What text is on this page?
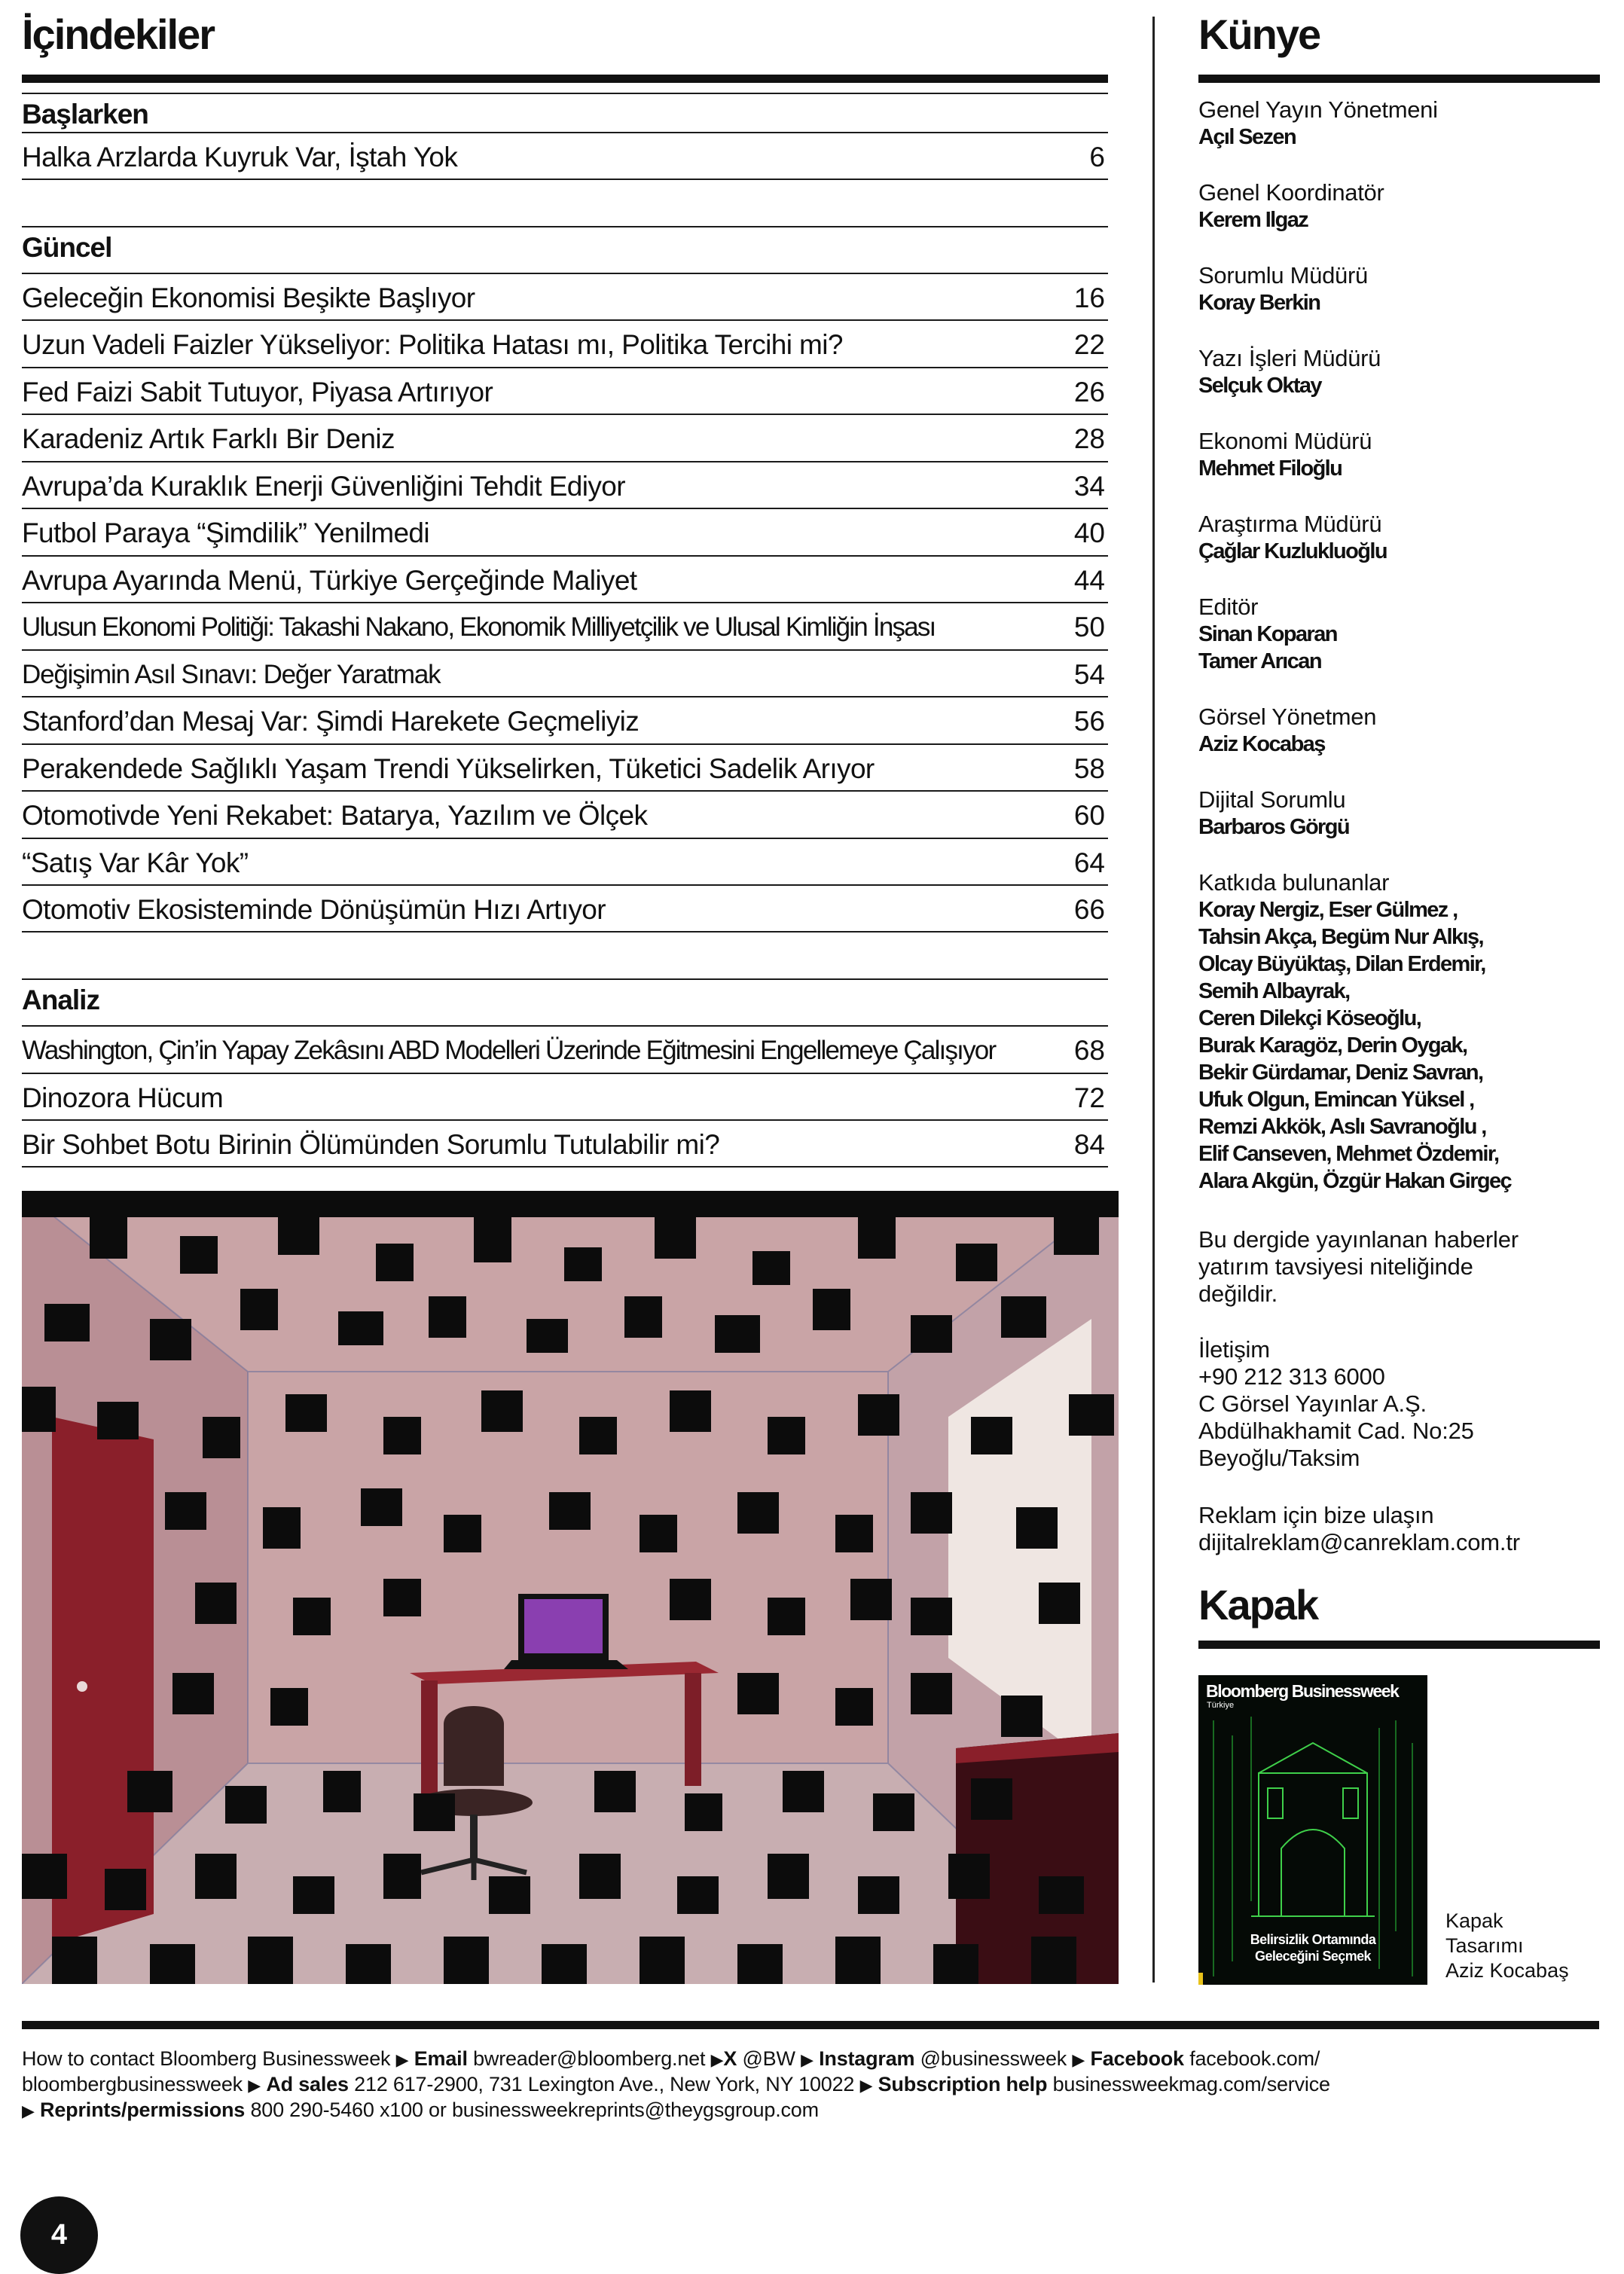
İçindekiler
Başlarken
Halka Arzlarda Kuyruk Var, İştah Yok	6
Güncel
Geleceğin Ekonomisi Beşikte Başlıyor	16
Uzun Vadeli Faizler Yükseliyor: Politika Hatası mı, Politika Tercihi mi?	22
Fed Faizi Sabit Tutuyor, Piyasa Artırıyor	26
Karadeniz Artık Farklı Bir Deniz	28
Avrupa’da Kuraklık Enerji Güvenliğini Tehdit Ediyor	34
Futbol Paraya “Şimdilik” Yenilmedi	40
Avrupa Ayarında Menü, Türkiye Gerçeğinde Maliyet	44
Ulusun Ekonomi Politiği: Takashi Nakano, Ekonomik Milliyetçilik ve Ulusal Kimliğin İnşası	50
Değişimin Asıl Sınavı: Değer Yaratmak	54
Stanford’dan Mesaj Var: Şimdi Harekete Geçmeliyiz	56
Perakendede Sağlıklı Yaşam Trendi Yükselirken, Tüketici Sadelik Arıyor	58
Otomotivde Yeni Rekabet: Batarya, Yazılım ve Ölçek	60
“Satış Var Kâr Yok”	64
Otomotiv Ekosisteminde Dönüşümün Hızı Artıyor	66
Analiz
Washington, Çin’in Yapay Zekâsını ABD Modelleri Üzerinde Eğitmesini Engellemeye Çalışıyor	68
Dinozora Hücum	72
Bir Sohbet Botu Birinin Ölümünden Sorumlu Tutulabilir mi?	84
Künye
Genel Yayın Yönetmeni
Açıl Sezen
Genel Koordinatör
Kerem Ilgaz
Sorumlu Müdürü
Koray Berkin
Yazı İşleri Müdürü
Selçuk Oktay
Ekonomi Müdürü
Mehmet Filoğlu
Araştırma Müdürü
Çağlar Kuzlukluoğlu
Editör
Sinan Koparan
Tamer Arıcan
Görsel Yönetmen
Aziz Kocabaş
Dijital Sorumlu
Barbaros Görgü
Katkıda bulunanlar
Koray Nergiz, Eser Gülmez ,
Tahsin Akça, Begüm Nur Alkış,
Olcay Büyüktaş, Dilan Erdemir,
Semih Albayrak,
Ceren Dilekçi Köseoğlu,
Burak Karagöz, Derin Oygak,
Bekir Gürdamar, Deniz Savran,
Ufuk Olgun, Emincan Yüksel ,
Remzi Akkök, Aslı Savranoğlu ,
Elif Canseven, Mehmet Özdemir,
Alara Akgün, Özgür Hakan Girgeç
Bu dergide yayınlanan haberler
yatırım tavsiyesi niteliğinde
değildir.
İletişim
+90 212 313 6000
C Görsel Yayınlar A.Ş.
Abdülhakhamit Cad. No:25
Beyoğlu/Taksim
Reklam için bize ulaşın
dijitalreklam@canreklam.com.tr
Kapak
Bloomberg Businessweek
Türkiye
Belirsizlik Ortamında
Geleceğini Seçmek
Kapak
Tasarımı
Aziz Kocabaş
How to contact Bloomberg Businessweek ▶ Email bwreader@bloomberg.net ▶X @BW ▶ Instagram @businessweek ▶ Facebook facebook.com/
bloombergbusinessweek ▶ Ad sales 212 617-2900, 731 Lexington Ave., New York, NY 10022 ▶ Subscription help businessweekmag.com/service
▶ Reprints/permissions 800 290-5460 x100 or businessweekreprints@theygsgroup.com
4
